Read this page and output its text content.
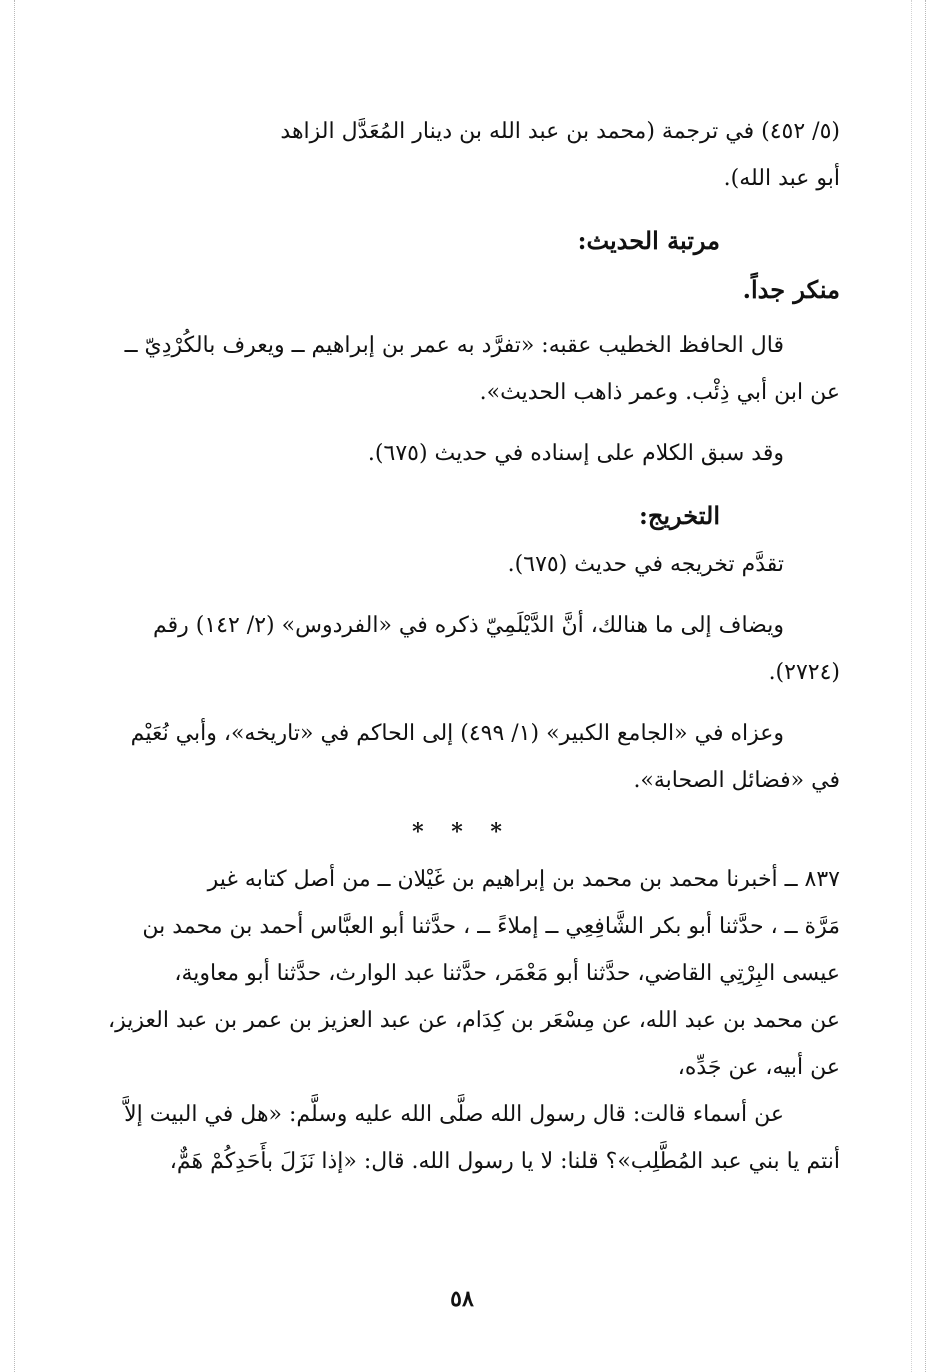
(٥/ ٤٥٢) في ترجمة (محمد بن عبد الله بن دينار المُعَدَّل الزاهد

أبو عبد الله).

مرتبة الحديث:

منكر جداً.

قال الحافظ الخطيب عقبه: «تفرَّد به عمر بن إبراهيم ــ ويعرف بالكُرْدِيّ ــ

عن ابن أبي ذِئْب. وعمر ذاهب الحديث».

وقد سبق الكلام على إسناده في حديث (٦٧٥).

التخريج:

تقدَّم تخريجه في حديث (٦٧٥).

ويضاف إلى ما هنالك، أنَّ الدَّيْلَمِيّ ذكره في «الفردوس» (٢/ ١٤٢) رقم

(٢٧٢٤).

وعزاه في «الجامع الكبير» (١/ ٤٩٩) إلى الحاكم في «تاريخه»، وأبي نُعَيْم

في «فضائل الصحابة».

* * *

٨٣٧ ــ أخبرنا محمد بن محمد بن إبراهيم بن غَيْلان ــ من أصل كتابه غير

مَرَّة ــ ، حدَّثنا أبو بكر الشَّافِعِي ــ إملاءً ــ ، حدَّثنا أبو العبَّاس أحمد بن محمد بن

عيسى البِرْتِي القاضي، حدَّثنا أبو مَعْمَر، حدَّثنا عبد الوارث، حدَّثنا أبو معاوية،

عن محمد بن عبد الله، عن مِسْعَر بن كِدَام، عن عبد العزيز بن عمر بن عبد العزيز،

عن أبيه، عن جَدِّه،

عن أسماء قالت: قال رسول الله صلَّى الله عليه وسلَّم: «هل في البيت إلاَّ

أنتم يا بني عبد المُطَّلِب»؟ قلنا: لا يا رسول الله. قال: «إذا نَزَلَ بأَحَدِكُمْ هَمٌّ،

٥٨
